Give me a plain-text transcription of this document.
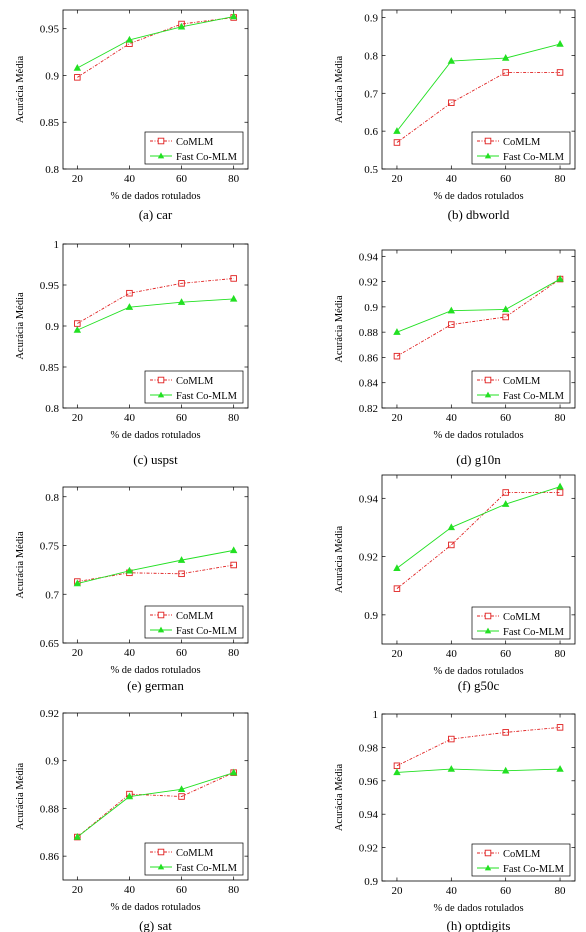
20	40	60	80
0.8
0.85
0.9
0.95
% de dados rotulados
Acurácia Média
CoMLM
Fast Co-MLM
(a) car
20	40	60	80
0.5
0.6
0.7
0.8
0.9
% de dados rotulados
Acurácia Média
CoMLM
Fast Co-MLM
(b) dbworld
20	40	60	80
0.8
0.85
0.9
0.95
1
% de dados rotulados
Acurácia Média
CoMLM
Fast Co-MLM
(c) uspst
20	40	60	80
0.82
0.84
0.86
0.88
0.9
0.92
0.94
% de dados rotulados
Acurácia Média
CoMLM
Fast Co-MLM
(d) g10n
20	40	60	80
0.65
0.7
0.75
0.8
% de dados rotulados
Acurácia Média
CoMLM
Fast Co-MLM
(e) german
20	40	60	80
0.9
0.92
0.94
% de dados rotulados
Acurácia Média
CoMLM
Fast Co-MLM
(f) g50c
20	40	60	80
0.86
0.88
0.9
0.92
% de dados rotulados
Acurácia Média
CoMLM
Fast Co-MLM
(g) sat
20	40	60	80
0.9
0.92
0.94
0.96
0.98
1
% de dados rotulados
Acurácia Média
CoMLM
Fast Co-MLM
(h) optdigits
